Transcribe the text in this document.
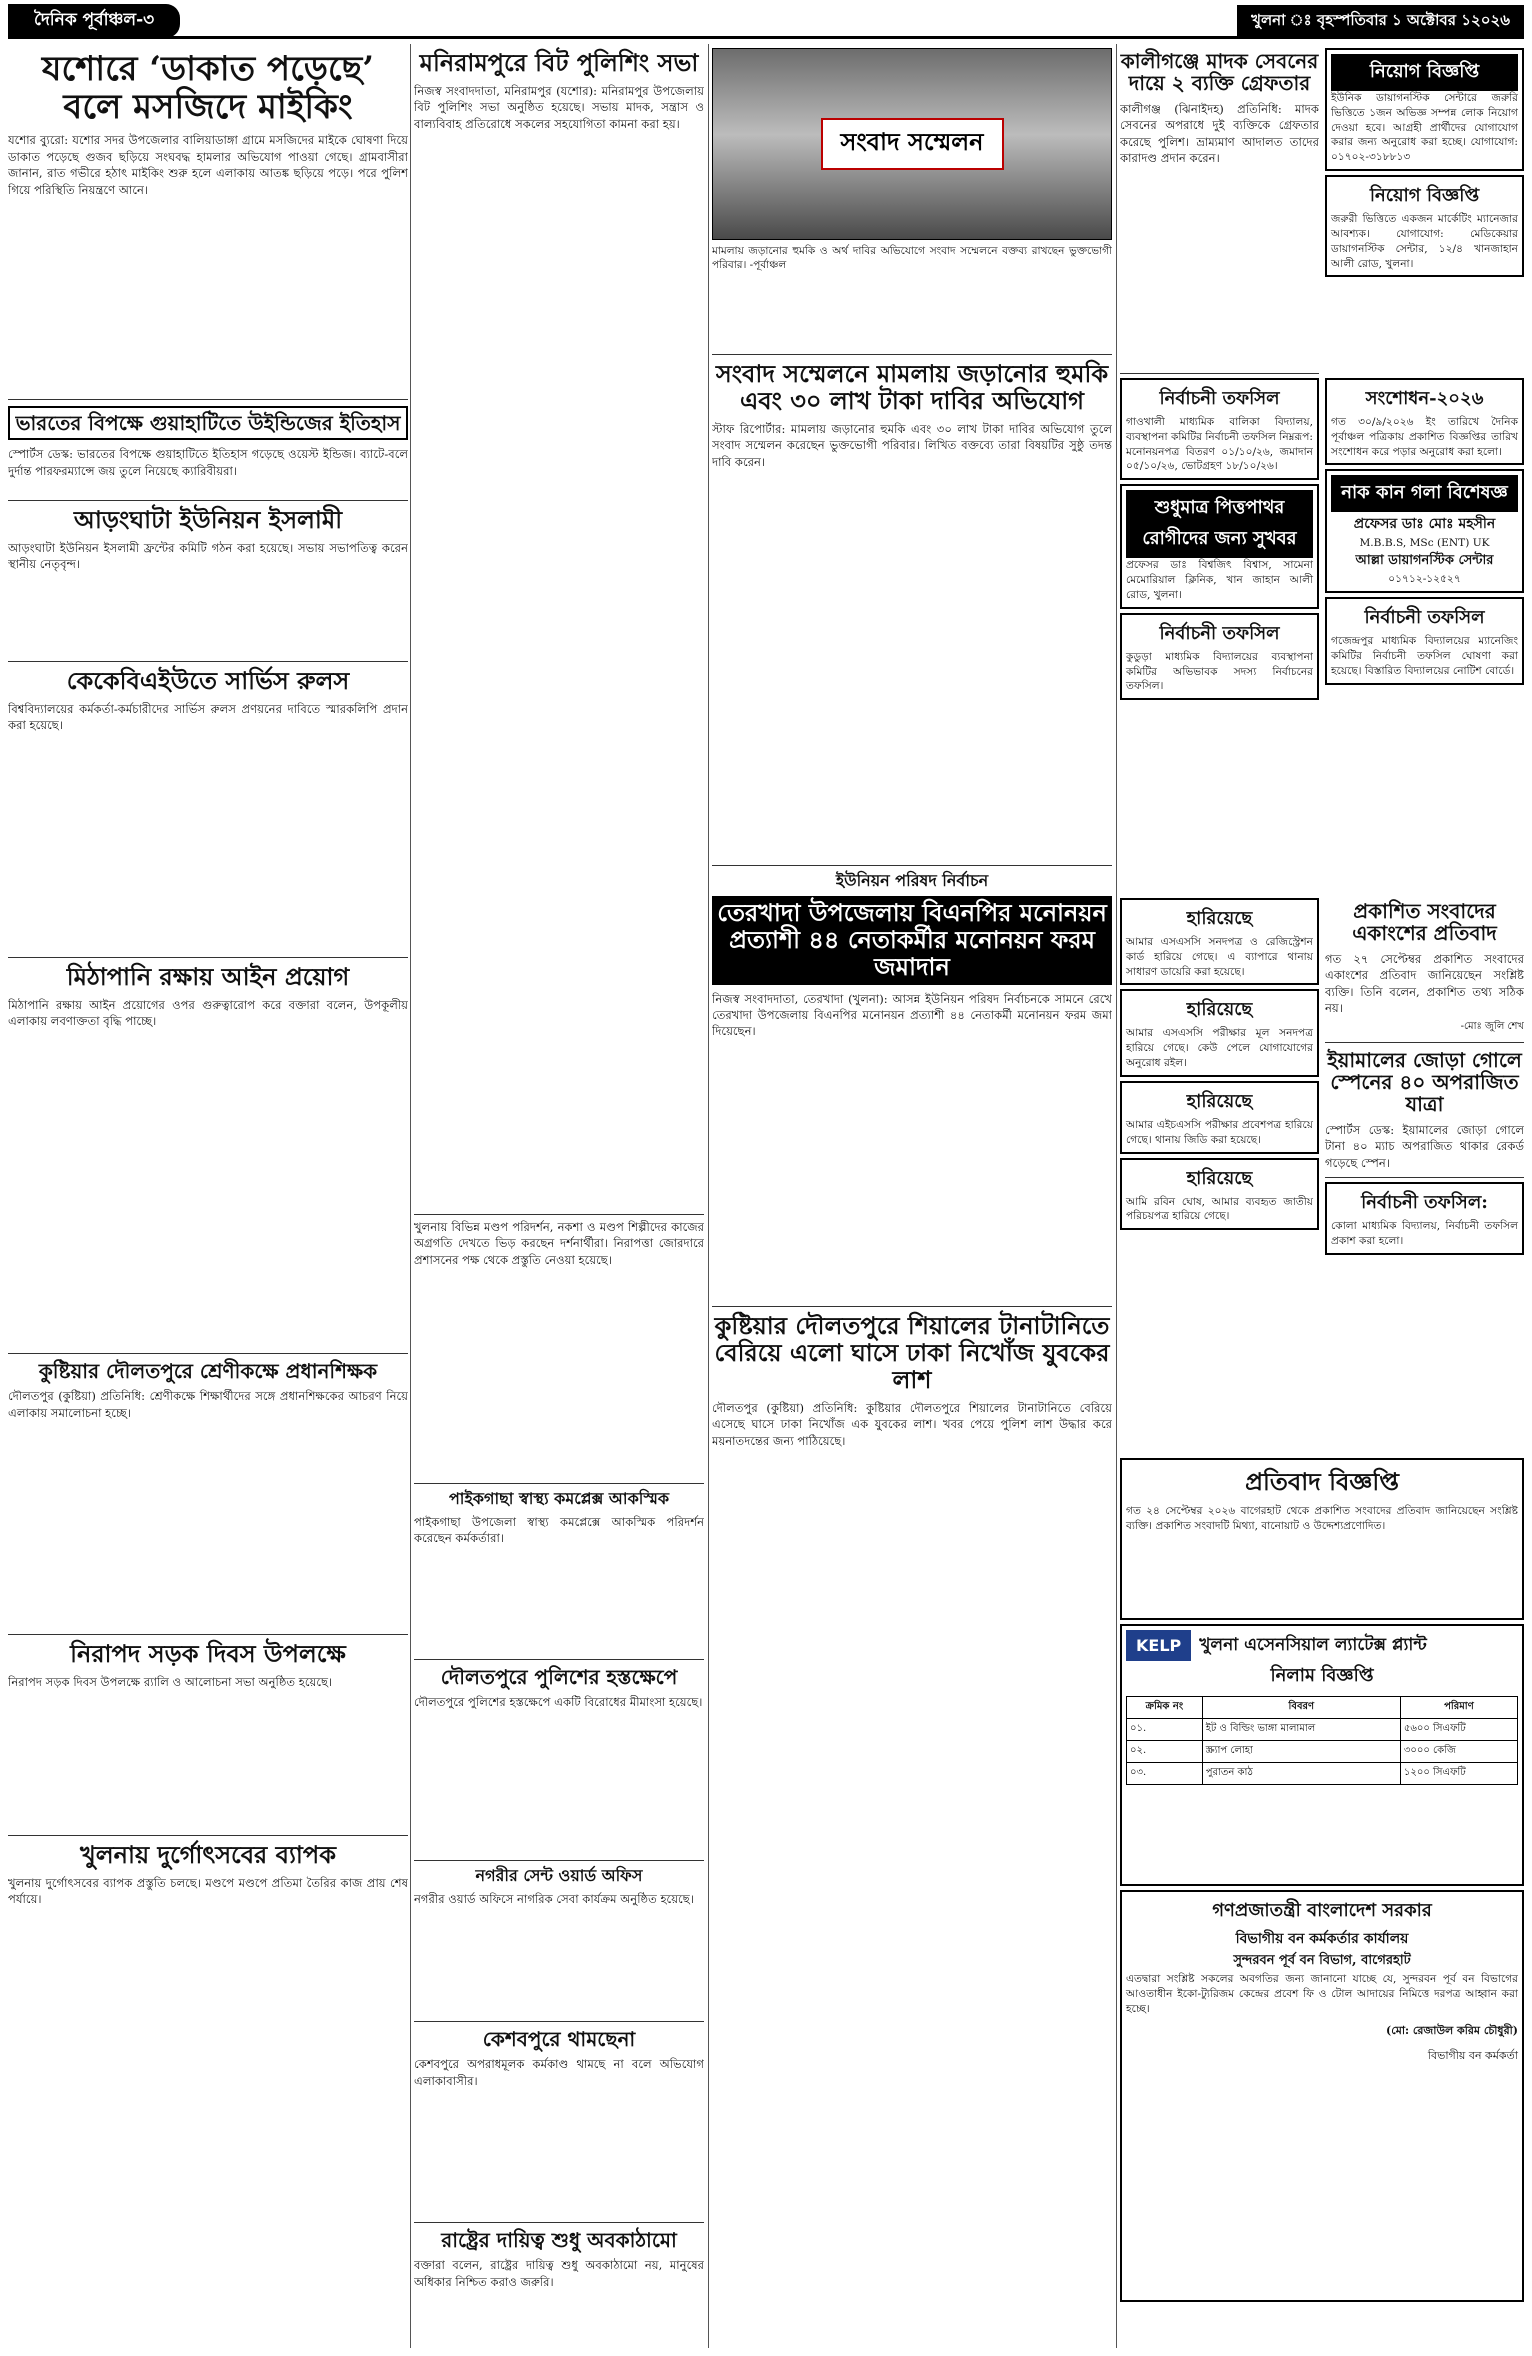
দৈনিক পূর্বাঞ্চল-৩	খুলনা ঃ বৃহস্পতিবার ১ অক্টোবর ১২০২৬
যশোরে ‘ডাকাত পড়েছে’ বলে মসজিদে মাইকিং
যশোর ব্যুরো: যশোর সদর উপজেলার বালিয়াডাঙ্গা গ্রামে মসজিদের মাইকে ঘোষণা দিয়ে ডাকাত পড়েছে গুজব ছড়িয়ে সংঘবদ্ধ হামলার অভিযোগ পাওয়া গেছে। গ্রামবাসীরা জানান, রাত গভীরে হঠাৎ মাইকিং শুরু হলে এলাকায় আতঙ্ক ছড়িয়ে পড়ে। পরে পুলিশ গিয়ে পরিস্থিতি নিয়ন্ত্রণে আনে।
ভারতের বিপক্ষে গুয়াহাটিতে উইন্ডিজের ইতিহাস
স্পোর্টস ডেস্ক: ভারতের বিপক্ষে গুয়াহাটিতে ইতিহাস গড়েছে ওয়েস্ট ইন্ডিজ। ব্যাটে-বলে দুর্দান্ত পারফরম্যান্সে জয় তুলে নিয়েছে ক্যারিবীয়রা।
আড়ংঘাটা ইউনিয়ন ইসলামী
আড়ংঘাটা ইউনিয়ন ইসলামী ফ্রন্টের কমিটি গঠন করা হয়েছে। সভায় সভাপতিত্ব করেন স্থানীয় নেতৃবৃন্দ।
কেকেবিএইউতে সার্ভিস রুলস
বিশ্ববিদ্যালয়ের কর্মকর্তা-কর্মচারীদের সার্ভিস রুলস প্রণয়নের দাবিতে স্মারকলিপি প্রদান করা হয়েছে।
মিঠাপানি রক্ষায় আইন প্রয়োগ
মিঠাপানি রক্ষায় আইন প্রয়োগের ওপর গুরুত্বারোপ করে বক্তারা বলেন, উপকূলীয় এলাকায় লবণাক্ততা বৃদ্ধি পাচ্ছে।
কুষ্টিয়ার দৌলতপুরে শ্রেণীকক্ষে প্রধানশিক্ষক
দৌলতপুর (কুষ্টিয়া) প্রতিনিধি: শ্রেণীকক্ষে শিক্ষার্থীদের সঙ্গে প্রধানশিক্ষকের আচরণ নিয়ে এলাকায় সমালোচনা হচ্ছে।
নিরাপদ সড়ক দিবস উপলক্ষে
নিরাপদ সড়ক দিবস উপলক্ষে র‌্যালি ও আলোচনা সভা অনুষ্ঠিত হয়েছে।
খুলনায় দুর্গোৎসবের ব্যাপক
খুলনায় দুর্গোৎসবের ব্যাপক প্রস্তুতি চলছে। মণ্ডপে মণ্ডপে প্রতিমা তৈরির কাজ প্রায় শেষ পর্যায়ে।
মনিরামপুরে বিট পুলিশিং সভা
নিজস্ব সংবাদদাতা, মনিরামপুর (যশোর): মনিরামপুর উপজেলায় বিট পুলিশিং সভা অনুষ্ঠিত হয়েছে। সভায় মাদক, সন্ত্রাস ও বাল্যবিবাহ প্রতিরোধে সকলের সহযোগিতা কামনা করা হয়।
খুলনায় বিভিন্ন মণ্ডপ পরিদর্শন, নকশা ও মণ্ডপ শিল্পীদের কাজের অগ্রগতি দেখতে ভিড় করছেন দর্শনার্থীরা। নিরাপত্তা জোরদারে প্রশাসনের পক্ষ থেকে প্রস্তুতি নেওয়া হয়েছে।
পাইকগাছা স্বাস্থ্য কমপ্লেক্স আকস্মিক
পাইকগাছা উপজেলা স্বাস্থ্য কমপ্লেক্সে আকস্মিক পরিদর্শন করেছেন কর্মকর্তারা।
দৌলতপুরে পুলিশের হস্তক্ষেপে
দৌলতপুরে পুলিশের হস্তক্ষেপে একটি বিরোধের মীমাংসা হয়েছে।
নগরীর সেন্ট ওয়ার্ড অফিস
নগরীর ওয়ার্ড অফিসে নাগরিক সেবা কার্যক্রম অনুষ্ঠিত হয়েছে।
কেশবপুরে থামছেনা
কেশবপুরে অপরাধমূলক কর্মকাণ্ড থামছে না বলে অভিযোগ এলাকাবাসীর।
রাষ্ট্রের দায়িত্ব শুধু অবকাঠামো
বক্তারা বলেন, রাষ্ট্রের দায়িত্ব শুধু অবকাঠামো নয়, মানুষের অধিকার নিশ্চিত করাও জরুরি।
সংবাদ সম্মেলন
মামলায় জড়ানোর হুমকি ও অর্থ দাবির অভিযোগে সংবাদ সম্মেলনে বক্তব্য রাখছেন ভুক্তভোগী পরিবার। -পূর্বাঞ্চল
সংবাদ সম্মেলনে মামলায় জড়ানোর হুমকি এবং ৩০ লাখ টাকা দাবির অভিযোগ
স্টাফ রিপোর্টার: মামলায় জড়ানোর হুমকি এবং ৩০ লাখ টাকা দাবির অভিযোগ তুলে সংবাদ সম্মেলন করেছেন ভুক্তভোগী পরিবার। লিখিত বক্তব্যে তারা বিষয়টির সুষ্ঠু তদন্ত দাবি করেন।
ইউনিয়ন পরিষদ নির্বাচন
তেরখাদা উপজেলায় বিএনপির মনোনয়ন প্রত্যাশী ৪৪ নেতাকর্মীর মনোনয়ন ফরম জমাদান
নিজস্ব সংবাদদাতা, তেরখাদা (খুলনা): আসন্ন ইউনিয়ন পরিষদ নির্বাচনকে সামনে রেখে তেরখাদা উপজেলায় বিএনপির মনোনয়ন প্রত্যাশী ৪৪ নেতাকর্মী মনোনয়ন ফরম জমা দিয়েছেন।
কুষ্টিয়ার দৌলতপুরে শিয়ালের টানাটানিতে বেরিয়ে এলো ঘাসে ঢাকা নিখোঁজ যুবকের লাশ
দৌলতপুর (কুষ্টিয়া) প্রতিনিধি: কুষ্টিয়ার দৌলতপুরে শিয়ালের টানাটানিতে বেরিয়ে এসেছে ঘাসে ঢাকা নিখোঁজ এক যুবকের লাশ। খবর পেয়ে পুলিশ লাশ উদ্ধার করে ময়নাতদন্তের জন্য পাঠিয়েছে।
কালীগঞ্জে মাদক সেবনের দায়ে ২ ব্যক্তি গ্রেফতার
কালীগঞ্জ (ঝিনাইদহ) প্রতিনিধি: মাদক সেবনের অপরাধে দুই ব্যক্তিকে গ্রেফতার করেছে পুলিশ। ভ্রাম্যমাণ আদালত তাদের কারাদণ্ড প্রদান করেন।
নিয়োগ বিজ্ঞপ্তি
ইউনিক ডায়াগনস্টিক সেন্টারে জরুরি ভিত্তিতে ১জন অভিজ্ঞ সম্পন্ন লোক নিয়োগ দেওয়া হবে। আগ্রহী প্রার্থীদের যোগাযোগ করার জন্য অনুরোধ করা হচ্ছে। যোগাযোগ: ০১৭০২-৩১৮৮১৩
নিয়োগ বিজ্ঞপ্তি
জরুরী ভিত্তিতে একজন মার্কেটিং ম্যানেজার আবশ্যক। যোগাযোগ: মেডিকেয়ার ডায়াগনস্টিক সেন্টার, ১২/৪ খানজাহান আলী রোড, খুলনা।
নির্বাচনী তফসিল
গাওখালী মাধ্যমিক বালিকা বিদ্যালয়, ব্যবস্থাপনা কমিটির নির্বাচনী তফসিল নিম্নরূপ: মনোনয়নপত্র বিতরণ ০১/১০/২৬, জমাদান ০৫/১০/২৬, ভোটগ্রহণ ১৮/১০/২৬।
শুধুমাত্র পিত্তপাথর রোগীদের জন্য সুখবর
প্রফেসর ডাঃ বিশ্বজিৎ বিশ্বাস, সামেনা মেমোরিয়াল ক্লিনিক, খান জাহান আলী রোড, খুলনা।
নির্বাচনী তফসিল
কুডুড়া মাধ্যমিক বিদ্যালয়ের ব্যবস্থাপনা কমিটির অভিভাবক সদস্য নির্বাচনের তফসিল।
সংশোধন-২০২৬
গত ৩০/৯/২০২৬ ইং তারিখে দৈনিক পূর্বাঞ্চল পত্রিকায় প্রকাশিত বিজ্ঞপ্তির তারিখ সংশোধন করে পড়ার অনুরোধ করা হলো।
নাক কান গলা বিশেষজ্ঞ
প্রফেসর ডাঃ মোঃ মহসীন
M.B.B.S, MSc (ENT) UK
আল্লা ডায়াগনস্টিক সেন্টার
০১৭১২-১২৫২৭
নির্বাচনী তফসিল
গজেন্দ্রপুর মাধ্যমিক বিদ্যালয়ের ম্যানেজিং কমিটির নির্বাচনী তফসিল ঘোষণা করা হয়েছে। বিস্তারিত বিদ্যালয়ের নোটিশ বোর্ডে।
হারিয়েছে
আমার এসএসসি সনদপত্র ও রেজিস্ট্রেশন কার্ড হারিয়ে গেছে। এ ব্যাপারে থানায় সাধারণ ডায়েরি করা হয়েছে।
হারিয়েছে
আমার এসএসসি পরীক্ষার মূল সনদপত্র হারিয়ে গেছে। কেউ পেলে যোগাযোগের অনুরোধ রইল।
হারিয়েছে
আমার এইচএসসি পরীক্ষার প্রবেশপত্র হারিয়ে গেছে। থানায় জিডি করা হয়েছে।
হারিয়েছে
আমি রবিন ঘোষ, আমার ব্যবহৃত জাতীয় পরিচয়পত্র হারিয়ে গেছে।
প্রকাশিত সংবাদের একাংশের প্রতিবাদ
গত ২৭ সেপ্টেম্বর প্রকাশিত সংবাদের একাংশের প্রতিবাদ জানিয়েছেন সংশ্লিষ্ট ব্যক্তি। তিনি বলেন, প্রকাশিত তথ্য সঠিক নয়।
-মোঃ জুলি শেখ
ইয়ামালের জোড়া গোলে স্পেনের ৪০ অপরাজিত যাত্রা
স্পোর্টস ডেস্ক: ইয়ামালের জোড়া গোলে টানা ৪০ ম্যাচ অপরাজিত থাকার রেকর্ড গড়েছে স্পেন।
নির্বাচনী তফসিল:
কোলা মাধ্যমিক বিদ্যালয়, নির্বাচনী তফসিল প্রকাশ করা হলো।
প্রতিবাদ বিজ্ঞপ্তি
গত ২৪ সেপ্টেম্বর ২০২৬ বাগেরহাট থেকে প্রকাশিত সংবাদের প্রতিবাদ জানিয়েছেন সংশ্লিষ্ট ব্যক্তি। প্রকাশিত সংবাদটি মিথ্যা, বানোয়াট ও উদ্দেশ্যপ্রণোদিত।
KELP	খুলনা এসেনসিয়াল ল্যাটেক্স প্ল্যান্ট
নিলাম বিজ্ঞপ্তি
ক্রমিক নং	বিবরণ	পরিমাণ
০১.	ইট ও বিল্ডিং ভাঙ্গা মালামাল	৫৬০০ সিএফটি
০২.	স্ক্র্যাপ লোহা	৩০০০ কেজি
০৩.	পুরাতন কাঠ	১২০০ সিএফটি
গণপ্রজাতন্ত্রী বাংলাদেশ সরকার
বিভাগীয় বন কর্মকর্তার কার্যালয়
সুন্দরবন পূর্ব বন বিভাগ, বাগেরহাট
এতদ্বারা সংশ্লিষ্ট সকলের অবগতির জন্য জানানো যাচ্ছে যে, সুন্দরবন পূর্ব বন বিভাগের আওতাধীন ইকো-ট্যুরিজম কেন্দ্রের প্রবেশ ফি ও টোল আদায়ের নিমিত্তে দরপত্র আহ্বান করা হচ্ছে।
(মো: রেজাউল করিম চৌধুরী)
বিভাগীয় বন কর্মকর্তা
